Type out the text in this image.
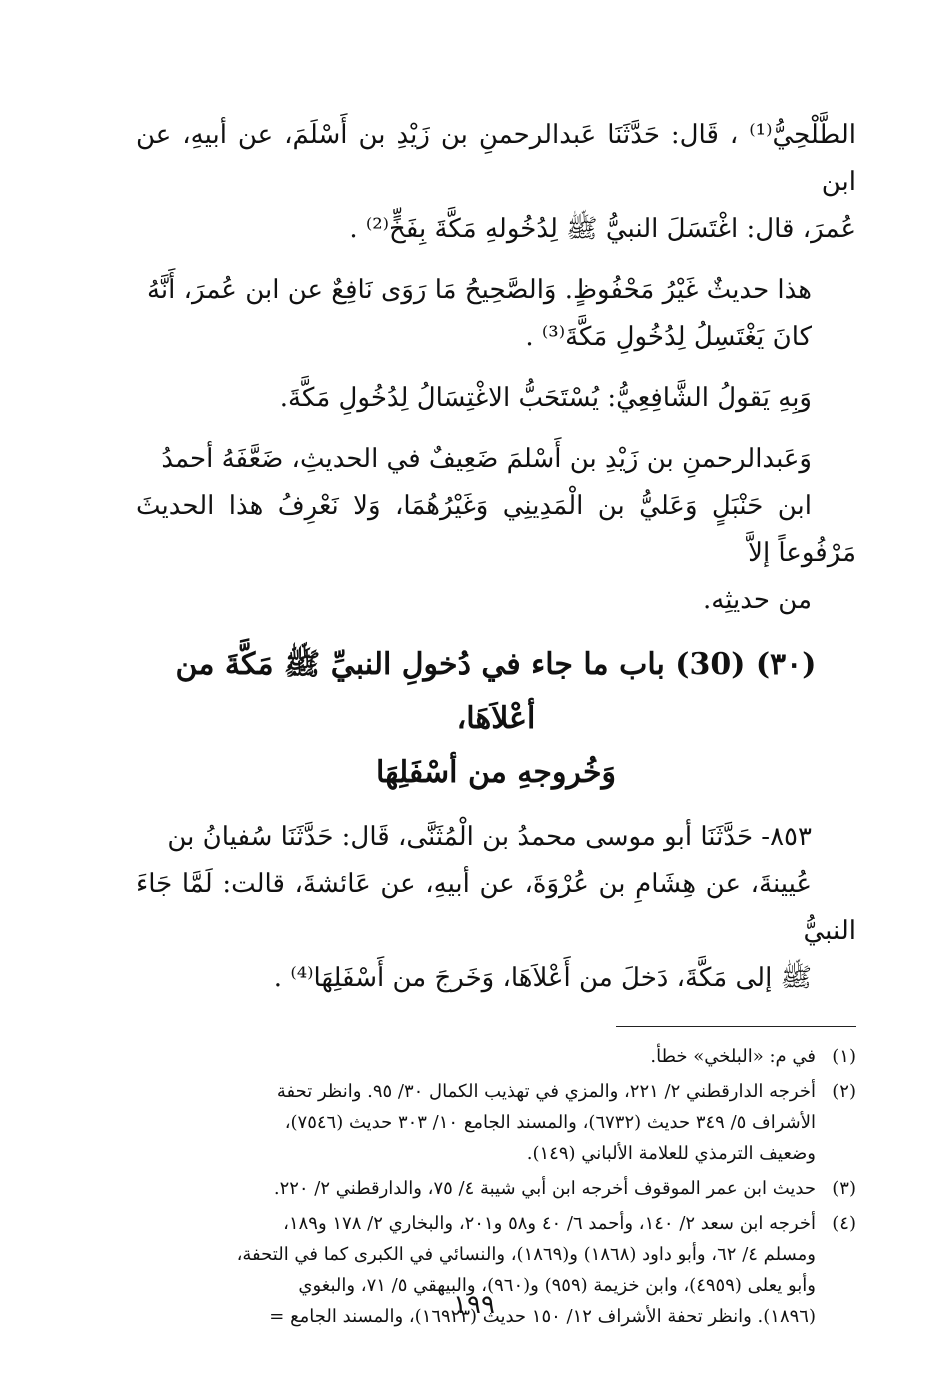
الطَّلْحِيُّ⁽¹⁾ ، قَال: حَدَّثَنَا عَبدالرحمنِ بن زَيْدِ بن أَسْلَمَ، عن أبيهِ، عن ابن

عُمرَ، قال: اغْتَسَلَ النبيُّ ﷺ لِدُخُولهِ مَكَّةَ بِفَخٍّ⁽²⁾ .

هذا حديثٌ غَيْرُ مَحْفُوظٍ. وَالصَّحِيحُ مَا رَوَى نَافِعٌ عن ابن عُمرَ، أَنَّهُ

كانَ يَغْتَسِلُ لِدُخُولِ مَكَّةَ⁽³⁾ .

وَبِهِ يَقولُ الشَّافِعِيُّ: يُسْتَحَبُّ الاغْتِسَالُ لِدُخُولِ مَكَّةَ.

وَعَبدالرحمنِ بن زَيْدِ بن أَسْلمَ ضَعِيفٌ في الحديثِ، ضَعَّفَهُ أحمدُ

ابن حَنْبَلٍ وَعَليُّ بن الْمَدِينِي وَغَيْرُهُمَا، وَلا نَعْرِفُ هذا الحديثَ مَرْفُوعاً إلاَّ

من حديثِه.

(٣٠) (30) باب ما جاء في دُخولِ النبيِّ ﷺ مَكَّةَ من أعْلاَهَا،

وَخُروجهِ من أسْفَلِهَا

٨٥٣- حَدَّثَنَا أبو موسى محمدُ بن الْمُثَنَّى، قَال: حَدَّثَنَا سُفيانُ بن

عُيينةَ، عن هِشَامِ بن عُرْوَةَ، عن أبيهِ، عن عَائشةَ، قالت: لَمَّا جَاءَ النبيُّ

ﷺ إلى مَكَّةَ، دَخلَ من أَعْلاَهَا، وَخَرجَ من أَسْفَلِهَا⁽⁴⁾ .

(١)

في م: «البلخي» خطأ.

(٢)

أخرجه الدارقطني ٢/ ٢٢١، والمزي في تهذيب الكمال ٣٠/ ٩٥. وانظر تحفة

الأشراف ٥/ ٣٤٩ حديث (٦٧٣٢)، والمسند الجامع ١٠/ ٣٠٣ حديث (٧٥٤٦)،

وضعيف الترمذي للعلامة الألباني (١٤٩).

(٣)

حديث ابن عمر الموقوف أخرجه ابن أبي شيبة ٤/ ٧٥، والدارقطني ٢/ ٢٢٠.

(٤)

أخرجه ابن سعد ٢/ ١٤٠، وأحمد ٦/ ٤٠ و٥٨ و٢٠١، والبخاري ٢/ ١٧٨ و١٨٩،

ومسلم ٤/ ٦٢، وأبو داود (١٨٦٨) و(١٨٦٩)، والنسائي في الكبرى كما في التحفة،

وأبو يعلى (٤٩٥٩)، وابن خزيمة (٩٥٩) و(٩٦٠)، والبيهقي ٥/ ٧١، والبغوي

(١٨٩٦). وانظر تحفة الأشراف ١٢/ ١٥٠ حديث (١٦٩٢٣)، والمسند الجامع =

١٩٩
